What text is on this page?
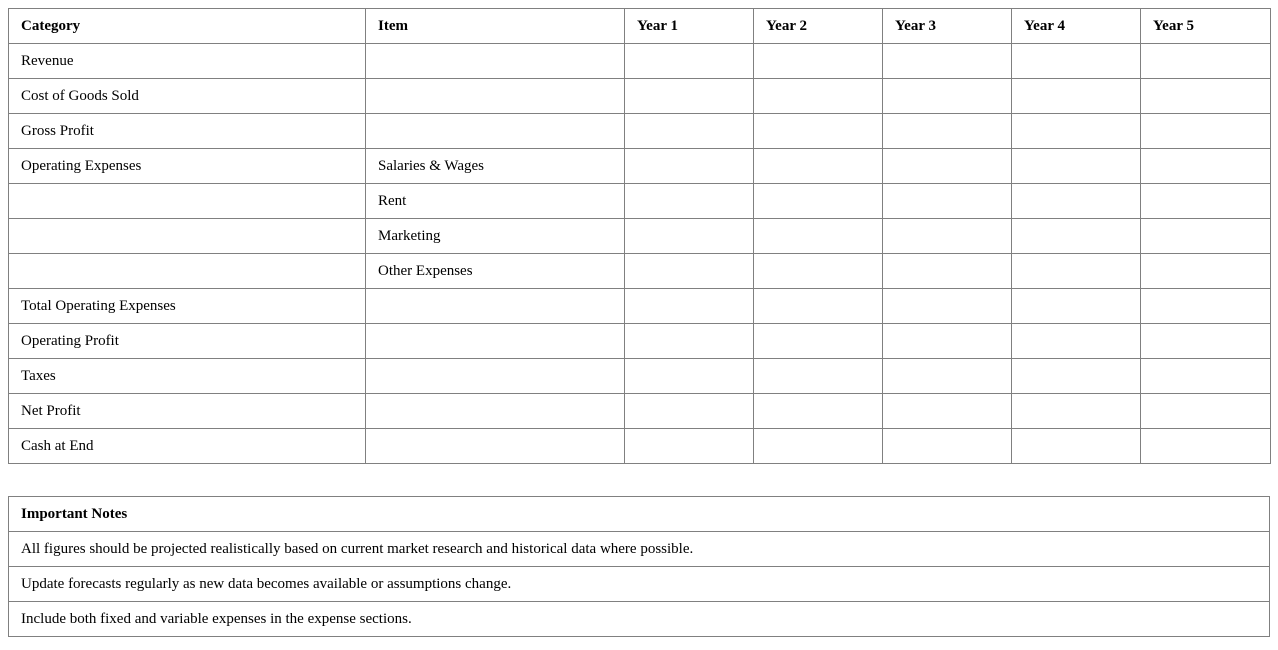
Category	Item	Year 1	Year 2	Year 3	Year 4	Year 5
Revenue						
Cost of Goods Sold						
Gross Profit						
Operating Expenses	Salaries & Wages					
	Rent					
	Marketing					
	Other Expenses					
Total Operating Expenses						
Operating Profit						
Taxes						
Net Profit						
Cash at End						
Important Notes
All figures should be projected realistically based on current market research and historical data where possible.
Update forecasts regularly as new data becomes available or assumptions change.
Include both fixed and variable expenses in the expense sections.
